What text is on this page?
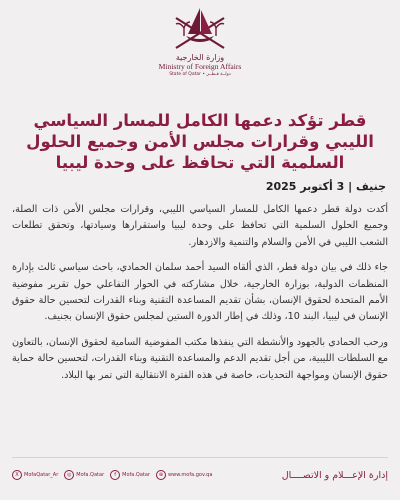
وزارة الخارجية
Ministry of Foreign Affairs
State of Qatar • دولــة قـطــر
قطر تؤكد دعمها الكامل للمسار السياسي الليبي وقرارات مجلس الأمن وجميع الحلول السلمية التي تحافظ على وحدة ليبيا
جنيف | 3 أكتوبر 2025

أكدت دولة قطر دعمها الكامل للمسار السياسي الليبي، وقرارات مجلس الأمن ذات الصلة، وجميع الحلول السلمية التي تحافظ على وحدة ليبيا واستقرارها وسيادتها، وتحقق تطلعات الشعب الليبي في الأمن والسلام والتنمية والازدهار.

جاء ذلك في بيان دولة قطر، الذي ألقاه السيد أحمد سلمان الحمادي، باحث سياسي ثالث بإدارة المنظمات الدولية، بوزارة الخارجية، خلال مشاركته في الحوار التفاعلي حول تقرير مفوضية الأمم المتحدة لحقوق الإنسان، بشأن تقديم المساعدة التقنية وبناء القدرات لتحسين حالة حقوق الإنسان في ليبيا، البند 10، وذلك في إطار الدورة الستين لمجلس حقوق الإنسان بجنيف.

ورحب الحمادي بالجهود والأنشطة التي ينفذها مكتب المفوضية السامية لحقوق الإنسان، بالتعاون مع السلطات الليبية، من أجل تقديم الدعم والمساعدة التقنية وبناء القدرات، لتحسين حالة حماية حقوق الإنسان ومواجهة التحديات، خاصة في هذه الفترة الانتقالية التي تمر بها البلاد.

X	MofaQatar_Ar	◎ Mofa.Qatar	f	Mofa.Qatar	⊕ www.mofa.gov.qa	إدارة الإعـــلام و الاتصــــال
